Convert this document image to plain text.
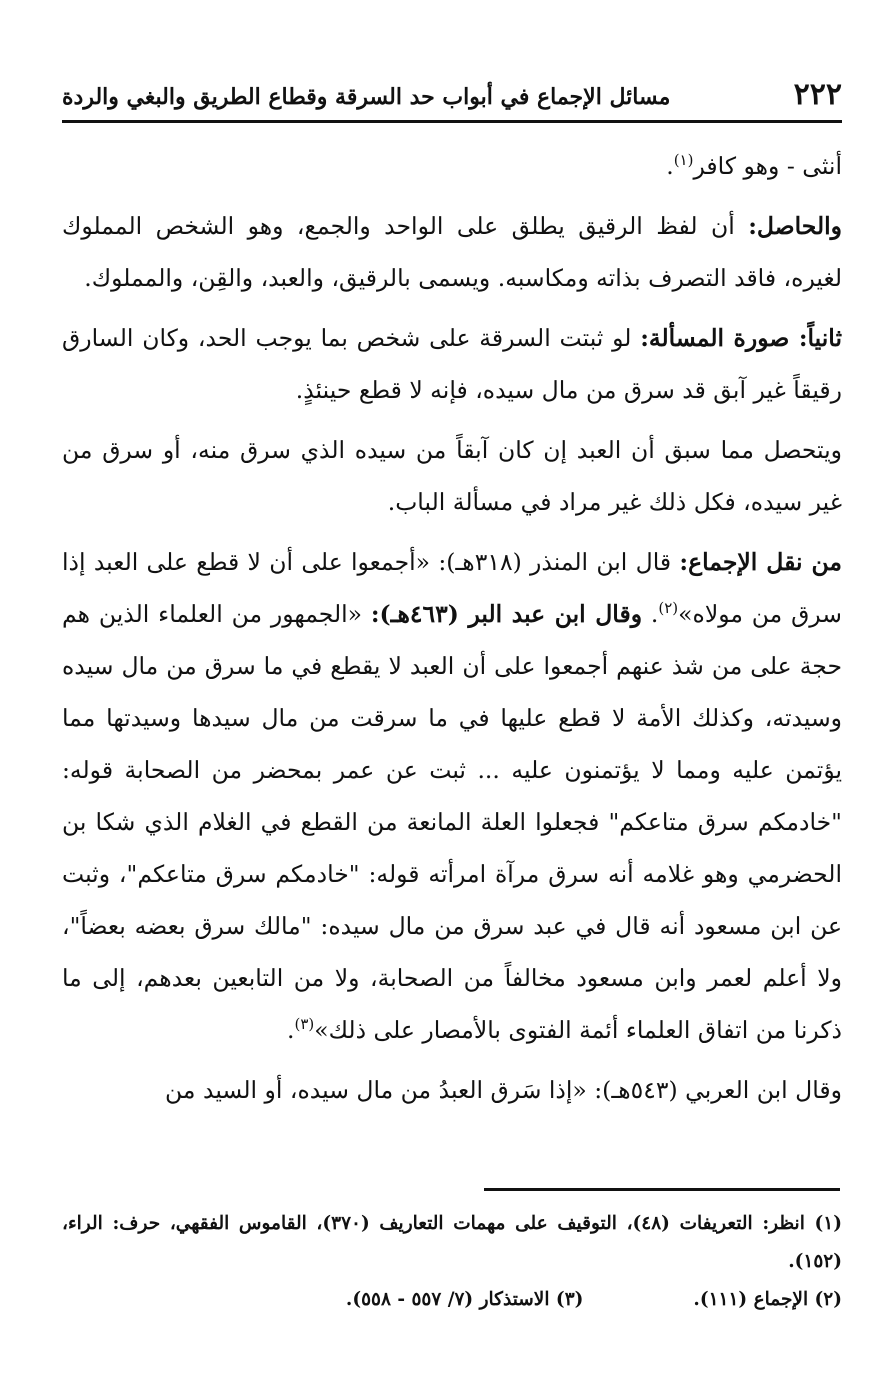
٢٢٢
مسائل الإجماع في أبواب حد السرقة وقطاع الطريق والبغي والردة

أنثى - وهو كافر$^{(١)}$.

والحاصل: أن لفظ الرقيق يطلق على الواحد والجمع، وهو الشخص المملوك لغيره، فاقد التصرف بذاته ومكاسبه. ويسمى بالرقيق، والعبد، والقِن، والمملوك.

ثانياً: صورة المسألة: لو ثبتت السرقة على شخص بما يوجب الحد، وكان السارق رقيقاً غير آبق قد سرق من مال سيده، فإنه لا قطع حينئذٍ.

ويتحصل مما سبق أن العبد إن كان آبقاً من سيده الذي سرق منه، أو سرق من غير سيده، فكل ذلك غير مراد في مسألة الباب.

من نقل الإجماع: قال ابن المنذر (٣١٨هـ): «أجمعوا على أن لا قطع على العبد إذا سرق من مولاه»$^{(٢)}$. وقال ابن عبد البر (٤٦٣هـ): «الجمهور من العلماء الذين هم حجة على من شذ عنهم أجمعوا على أن العبد لا يقطع في ما سرق من مال سيده وسيدته، وكذلك الأمة لا قطع عليها في ما سرقت من مال سيدها وسيدتها مما يؤتمن عليه ومما لا يؤتمنون عليه ... ثبت عن عمر بمحضر من الصحابة قوله: "خادمكم سرق متاعكم" فجعلوا العلة المانعة من القطع في الغلام الذي شكا بن الحضرمي وهو غلامه أنه سرق مرآة امرأته قوله: "خادمكم سرق متاعكم"، وثبت عن ابن مسعود أنه قال في عبد سرق من مال سيده: "مالك سرق بعضه بعضاً"، ولا أعلم لعمر وابن مسعود مخالفاً من الصحابة، ولا من التابعين بعدهم، إلى ما ذكرنا من اتفاق العلماء أئمة الفتوى بالأمصار على ذلك»$^{(٣)}$.

وقال ابن العربي (٥٤٣هـ): «إذا سَرق العبدُ من مال سيده، أو السيد من

(١) انظر: التعريفات (٤٨)، التوقيف على مهمات التعاريف (٣٧٠)، القاموس الفقهي، حرف: الراء، (١٥٢).

(٢) الإجماع (١١١).
(٣) الاستذكار (٧/ ٥٥٧ - ٥٥٨).
